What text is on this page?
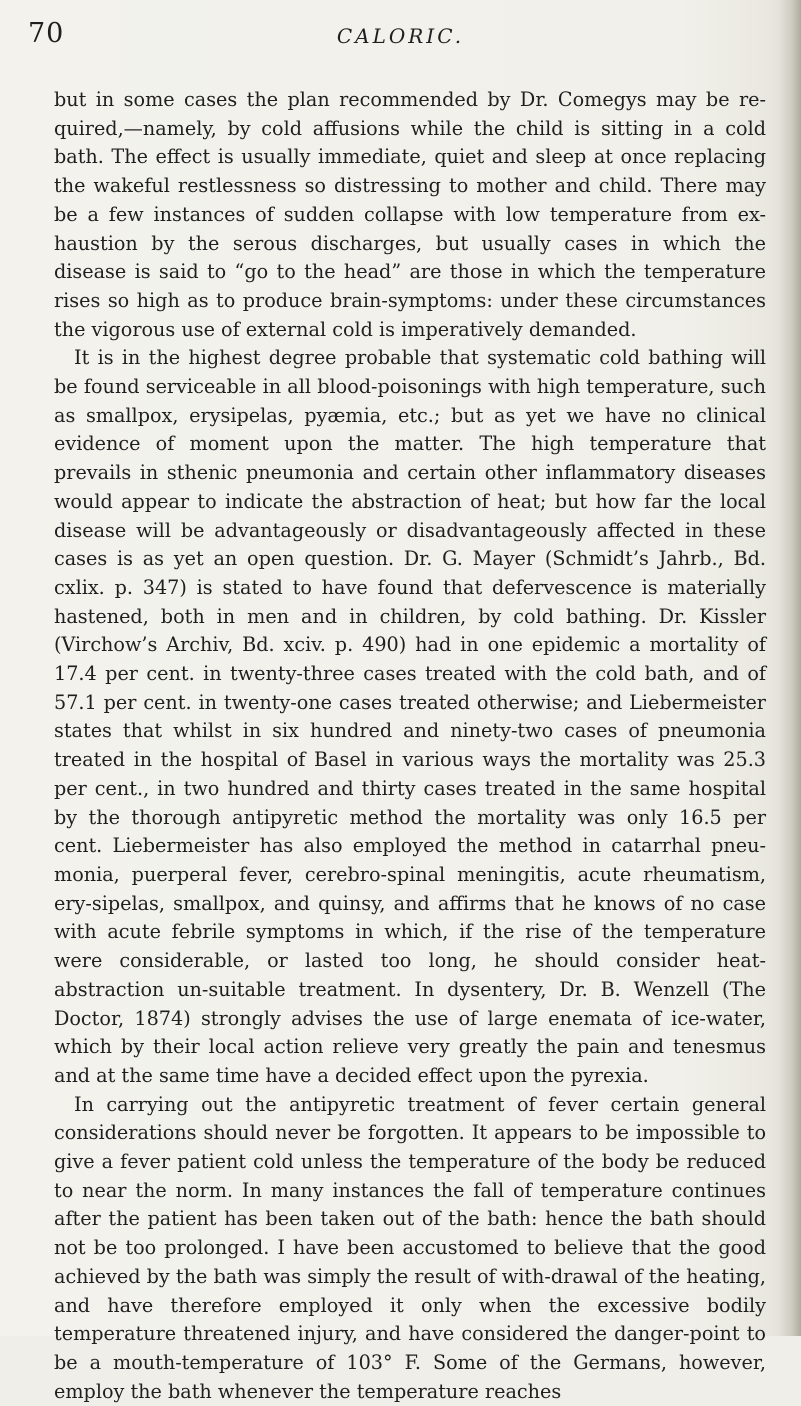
70	CALORIC.

but in some cases the plan recommended by Dr. Comegys may be re-quired,—namely, by cold affusions while the child is sitting in a cold bath. The effect is usually immediate, quiet and sleep at once replacing the wakeful restlessness so distressing to mother and child. There may be a few instances of sudden collapse with low temperature from ex-haustion by the serous discharges, but usually cases in which the disease is said to “go to the head” are those in which the temperature rises so high as to produce brain-symptoms: under these circumstances the vigorous use of external cold is imperatively demanded.

It is in the highest degree probable that systematic cold bathing will be found serviceable in all blood-poisonings with high temperature, such as smallpox, erysipelas, pyæmia, etc.; but as yet we have no clinical evidence of moment upon the matter. The high temperature that prevails in sthenic pneumonia and certain other inflammatory diseases would appear to indicate the abstraction of heat; but how far the local disease will be advantageously or disadvantageously affected in these cases is as yet an open question. Dr. G. Mayer (Schmidt’s Jahrb., Bd. cxlix. p. 347) is stated to have found that defervescence is materially hastened, both in men and in children, by cold bathing. Dr. Kissler (Virchow’s Archiv, Bd. xciv. p. 490) had in one epidemic a mortality of 17.4 per cent. in twenty-three cases treated with the cold bath, and of 57.1 per cent. in twenty-one cases treated otherwise; and Liebermeister states that whilst in six hundred and ninety-two cases of pneumonia treated in the hospital of Basel in various ways the mortality was 25.3 per cent., in two hundred and thirty cases treated in the same hospital by the thorough antipyretic method the mortality was only 16.5 per cent. Liebermeister has also employed the method in catarrhal pneu-monia, puerperal fever, cerebro-spinal meningitis, acute rheumatism, ery-sipelas, smallpox, and quinsy, and affirms that he knows of no case with acute febrile symptoms in which, if the rise of the temperature were considerable, or lasted too long, he should consider heat-abstraction un-suitable treatment. In dysentery, Dr. B. Wenzell (The Doctor, 1874) strongly advises the use of large enemata of ice-water, which by their local action relieve very greatly the pain and tenesmus and at the same time have a decided effect upon the pyrexia.

In carrying out the antipyretic treatment of fever certain general considerations should never be forgotten. It appears to be impossible to give a fever patient cold unless the temperature of the body be reduced to near the norm. In many instances the fall of temperature continues after the patient has been taken out of the bath: hence the bath should not be too prolonged. I have been accustomed to believe that the good achieved by the bath was simply the result of with-drawal of the heating, and have therefore employed it only when the excessive bodily temperature threatened injury, and have considered the danger-point to be a mouth-temperature of 103° F. Some of the Germans, however, employ the bath whenever the temperature reaches
